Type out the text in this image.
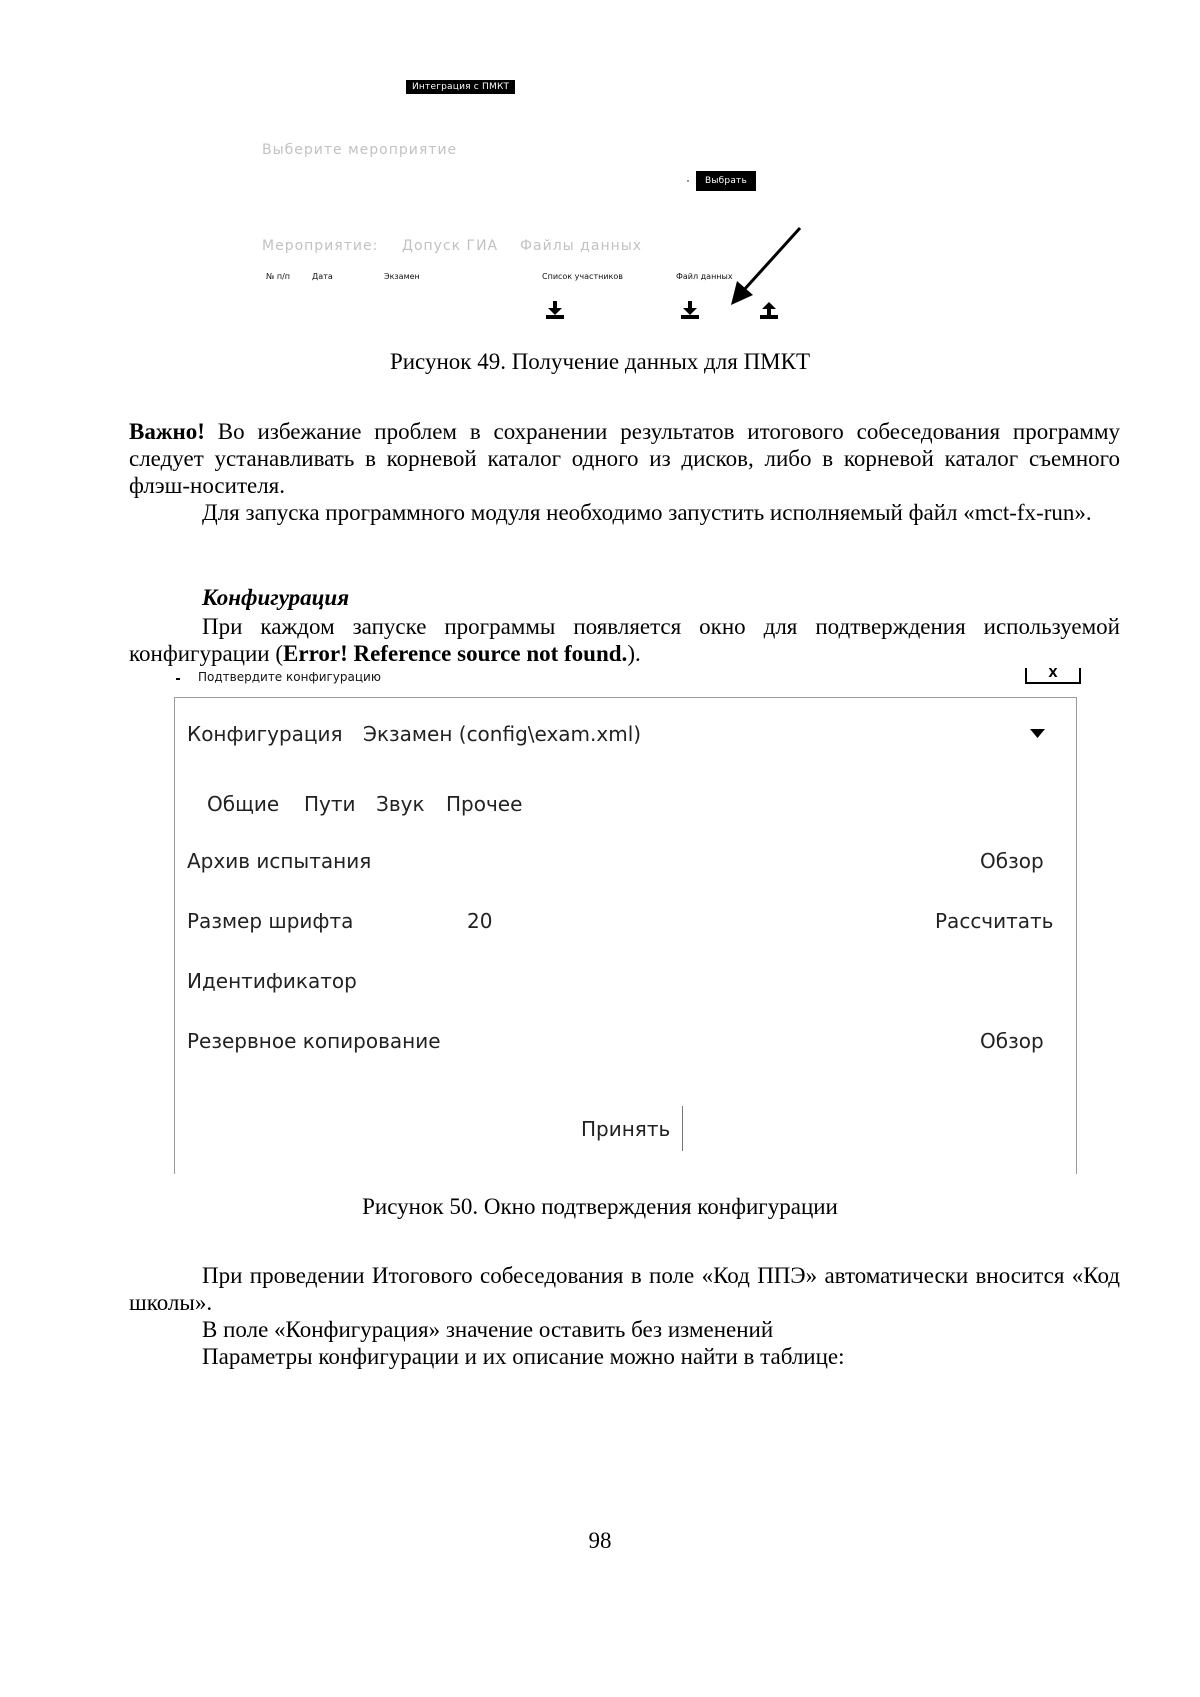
Интеграция с ПМКТ
Выберите мероприятие
Выбрать
Мероприятие: Допуск ГИА Файлы данных
№ п/п	Дата	Экзамен	Список участников	Файл данных
Рисунок 49. Получение данных для ПМКТ
Важно! Во избежание проблем в сохранении результатов итогового собеседования программу следует устанавливать в корневой каталог одного из дисков, либо в корневой каталог съемного флэш-носителя.
Для запуска программного модуля необходимо запустить исполняемый файл «mct-fx-run».
Конфигурация
При каждом запуске программы появляется окно для подтверждения используемой конфигурации (Error! Reference source not found.).
Подтвердите конфигурацию	X
Конфигурация Экзамен (config\exam.xml)
Общие Пути Звук Прочее
Архив испытания	Обзор
Размер шрифта	20	Рассчитать
Идентификатор
Резервное копирование	Обзор
Принять
Рисунок 50. Окно подтверждения конфигурации
При проведении Итогового собеседования в поле «Код ППЭ» автоматически вносится «Код школы».
В поле «Конфигурация» значение оставить без изменений
Параметры конфигурации и их описание можно найти в таблице:
98
